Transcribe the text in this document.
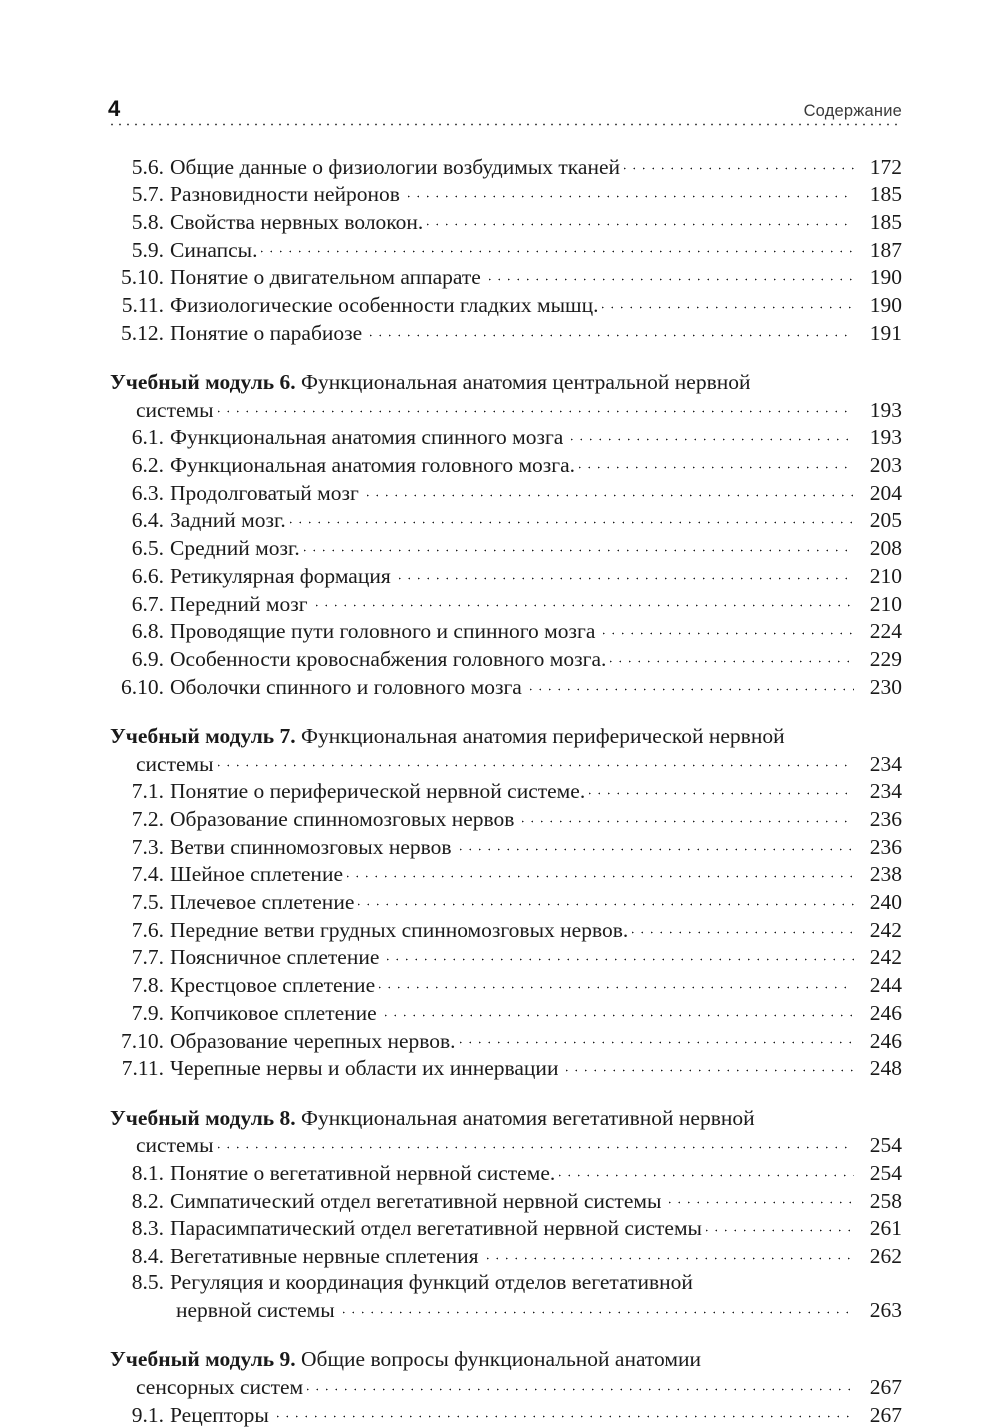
4	Содержание
5.6. Общие данные о физиологии возбудимых тканей	172
5.7. Разновидности нейронов	185
5.8. Свойства нервных волокон.	185
5.9. Синапсы.	187
5.10. Понятие о двигательном аппарате	190
5.11. Физиологические особенности гладких мышц.	190
5.12. Понятие о парабиозе	191
Учебный модуль 6. Функциональная анатомия центральной нервной
системы	193
6.1. Функциональная анатомия спинного мозга	193
6.2. Функциональная анатомия головного мозга.	203
6.3. Продолговатый мозг	204
6.4. Задний мозг.	205
6.5. Средний мозг.	208
6.6. Ретикулярная формация	210
6.7. Передний мозг	210
6.8. Проводящие пути головного и спинного мозга	224
6.9. Особенности кровоснабжения головного мозга.	229
6.10. Оболочки спинного и головного мозга	230
Учебный модуль 7. Функциональная анатомия периферической нервной
системы	234
7.1. Понятие о периферической нервной системе.	234
7.2. Образование спинномозговых нервов	236
7.3. Ветви спинномозговых нервов	236
7.4. Шейное сплетение	238
7.5. Плечевое сплетение	240
7.6. Передние ветви грудных спинномозговых нервов.	242
7.7. Поясничное сплетение	242
7.8. Крестцовое сплетение	244
7.9. Копчиковое сплетение	246
7.10. Образование черепных нервов.	246
7.11. Черепные нервы и области их иннервации	248
Учебный модуль 8. Функциональная анатомия вегетативной нервной
системы	254
8.1. Понятие о вегетативной нервной системе.	254
8.2. Симпатический отдел вегетативной нервной системы	258
8.3. Парасимпатический отдел вегетативной нервной системы	261
8.4. Вегетативные нервные сплетения	262
8.5. Регуляция и координация функций отделов вегетативной
нервной системы	263
Учебный модуль 9. Общие вопросы функциональной анатомии
сенсорных систем	267
9.1. Рецепторы	267
